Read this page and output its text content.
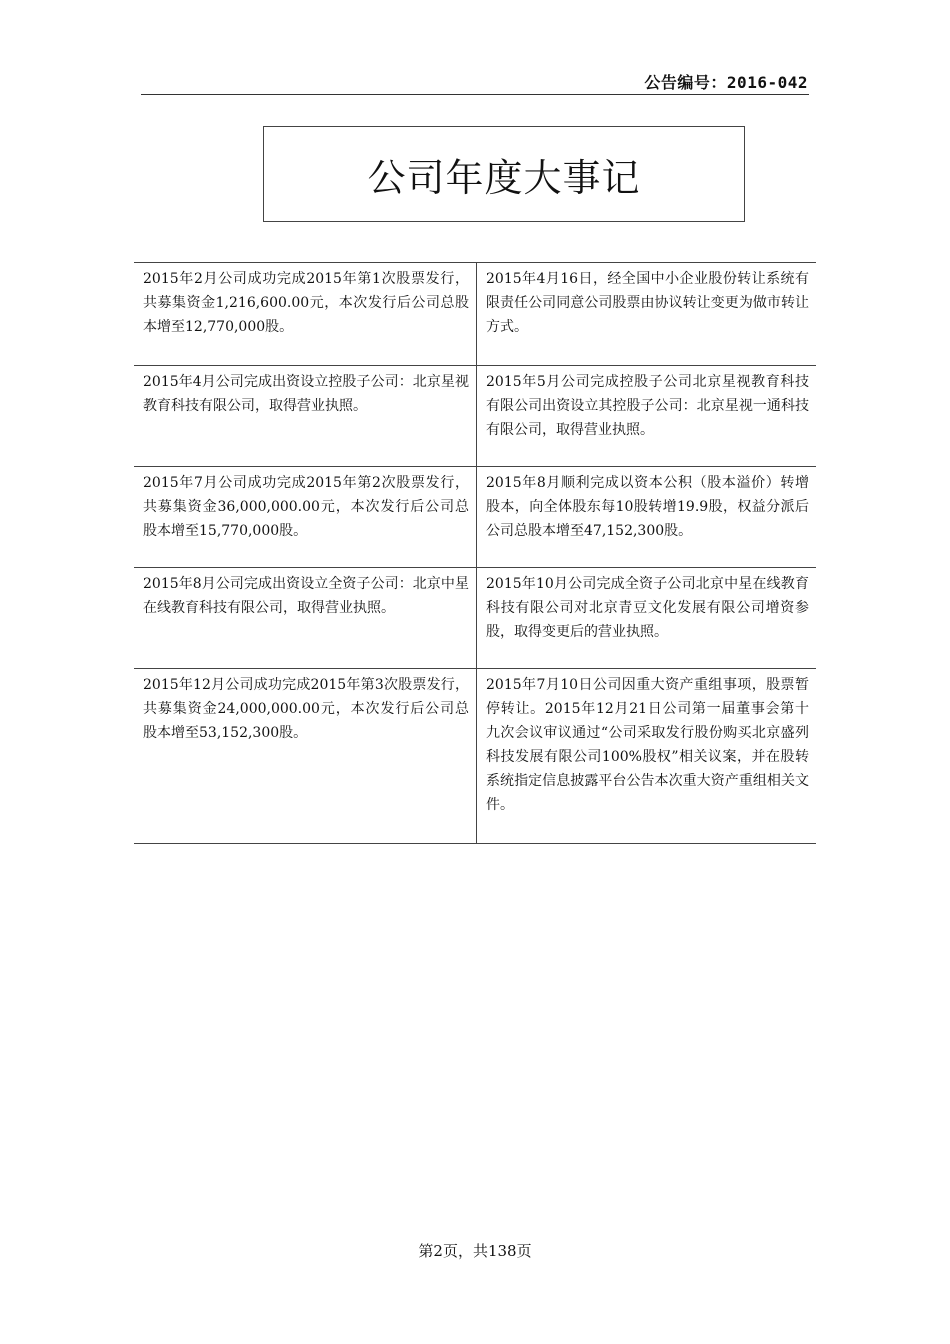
公告编号：2016-042
公司年度大事记
2015年2月公司成功完成2015年第1次股票发行，共募集资金1,216,600.00元，本次发行后公司总股本增至12,770,000股。	2015年4月16日，经全国中小企业股份转让系统有限责任公司同意公司股票由协议转让变更为做市转让方式。
2015年4月公司完成出资设立控股子公司：北京星视教育科技有限公司，取得营业执照。	2015年5月公司完成控股子公司北京星视教育科技有限公司出资设立其控股子公司：北京星视一通科技有限公司，取得营业执照。
2015年7月公司成功完成2015年第2次股票发行，共募集资金36,000,000.00元，本次发行后公司总股本增至15,770,000股。	2015年8月顺利完成以资本公积（股本溢价）转增股本，向全体股东每10股转增19.9股，权益分派后公司总股本增至47,152,300股。
2015年8月公司完成出资设立全资子公司：北京中星在线教育科技有限公司，取得营业执照。	2015年10月公司完成全资子公司北京中星在线教育科技有限公司对北京青豆文化发展有限公司增资参股，取得变更后的营业执照。
2015年12月公司成功完成2015年第3次股票发行，共募集资金24,000,000.00元，本次发行后公司总股本增至53,152,300股。	2015年7月10日公司因重大资产重组事项，股票暂停转让。2015年12月21日公司第一届董事会第十九次会议审议通过“公司采取发行股份购买北京盛列科技发展有限公司100%股权”相关议案，并在股转系统指定信息披露平台公告本次重大资产重组相关文件。
第2页，共138页
